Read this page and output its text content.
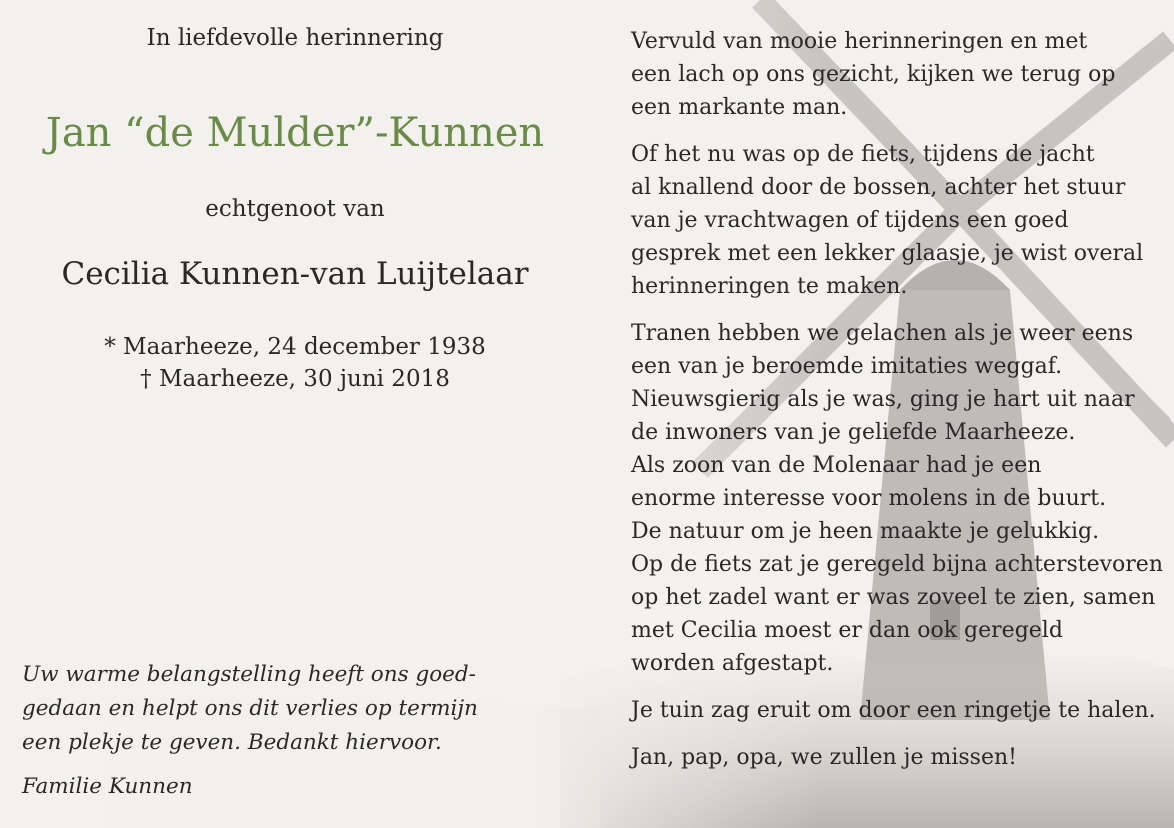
In liefdevolle herinnering
Jan “de Mulder”-Kunnen
echtgenoot van
Cecilia Kunnen-van Luijtelaar
* Maarheeze, 24 december 1938
† Maarheeze, 30 juni 2018
Uw warme belangstelling heeft ons goed-
gedaan en helpt ons dit verlies op termijn
een plekje te geven. Bedankt hiervoor.
Familie Kunnen

Vervuld van mooie herinneringen en met
een lach op ons gezicht, kijken we terug op
een markante man.

Of het nu was op de fiets, tijdens de jacht
al knallend door de bossen, achter het stuur
van je vrachtwagen of tijdens een goed
gesprek met een lekker glaasje, je wist overal
herinneringen te maken.

Tranen hebben we gelachen als je weer eens
een van je beroemde imitaties weggaf.
Nieuwsgierig als je was, ging je hart uit naar
de inwoners van je geliefde Maarheeze.
Als zoon van de Molenaar had je een
enorme interesse voor molens in de buurt.
De natuur om je heen maakte je gelukkig.
Op de fiets zat je geregeld bijna achterstevoren
op het zadel want er was zoveel te zien, samen
met Cecilia moest er dan ook geregeld
worden afgestapt.

Je tuin zag eruit om door een ringetje te halen.

Jan, pap, opa, we zullen je missen!
